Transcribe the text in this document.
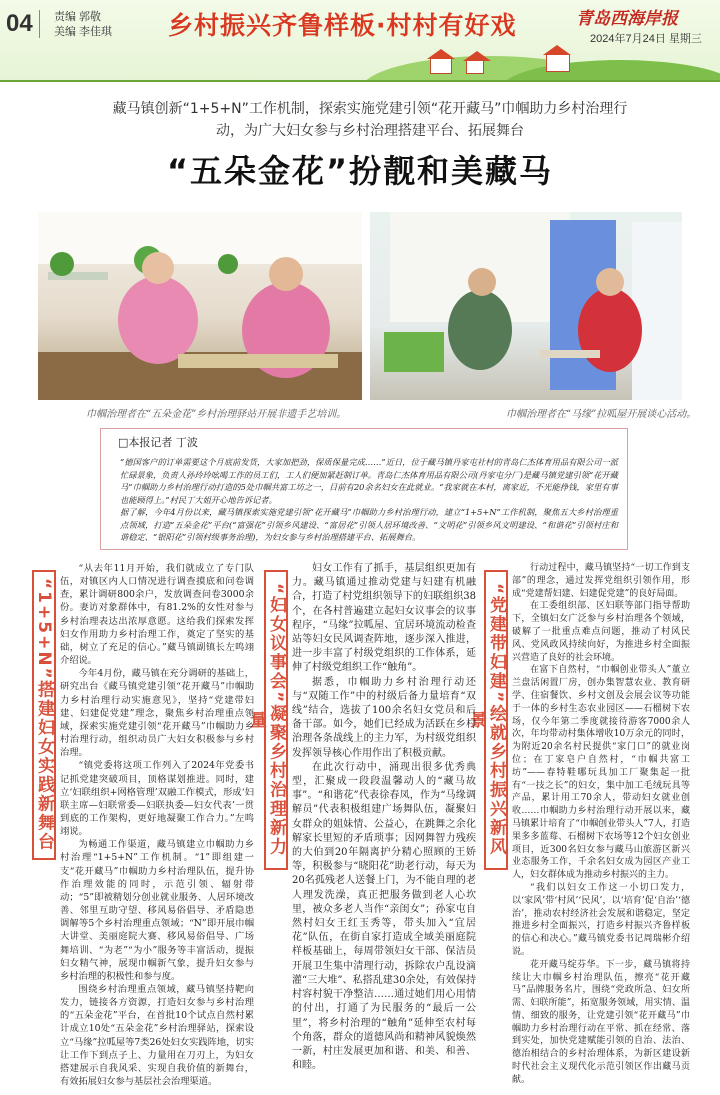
04	责编 郭敬
美编 李佳琪 乡村振兴齐鲁样板·村村有好戏	青岛西海岸报
2024年7月24日 星期三
藏马镇创新“1+5+N”工作机制，探索实施党建引领“花开藏马”巾帼助力乡村治理行动，为广大妇女参与乡村治理搭建平台、拓展舞台
“五朵金花”扮靓和美藏马
巾帼治理者在“五朵金花”乡村治理驿站开展非遗手艺培训。	巾帼治理者在“马缘”拉呱屋开展谈心活动。
□本报记者 丁波
“德国客户的订单需要这个月底前发货，大家加把劲，保质保量完成……”近日，位于藏马镇丹家屯社村的青岛仁杰体育用品有限公司一派忙碌景象，负责人孙玲玲吆喝工作的员工们，工人们便加紧赶制订单。青岛仁杰体育用品有限公司(丹家屯分厂)是藏马镇党建引领“花开藏马”巾帼助力乡村治理行动打造的5处巾帼共富工坊之一，目前有20余名妇女在此就业。“我家就在本村，离家近，不光能挣钱，家里有事也能顾得上。”村民丁大姐开心地告诉记者。
据了解，今年4月份以来，藏马镇探索实施党建引领“花开藏马”巾帼助力乡村治理行动，建立“1+5+N”工作机制，聚焦五大乡村治理重点领域，打造“五朵金花”平台(“富强花”引领乡风建设、“富居花”引领人居环境改善、“文明花”引领乡风文明建设、“和谐花”引领村庄和谐稳定、“银阳花”引领村级事务治理)，为妇女参与乡村治理搭建平台、拓展舞台。
“1+5+N”搭建妇女实践新舞台	“妇女议事会”凝聚乡村治理新力量	“党建带妇建”绘就乡村振兴新风景

“从去年11月开始，我们就成立了专门队伍，对镇区内人口情况进行调查摸底和问卷调查，累计调研800余户，发放调查问卷3000余份。妻访对象群体中，有81.2%的女性对参与乡村治理表达出浓厚意愿。这给我们探索发挥妇女作用助力乡村治理工作，奠定了坚实的基础，树立了充足的信心。”藏马镇副镇长左鸣翊介绍说。

今年4月份，藏马镇在充分调研的基础上，研究出台《藏马镇党建引领“花开藏马”巾帼助力乡村治理行动实施意见》，坚持“党建带妇建、妇建促党建”理念，聚焦乡村治理重点领域，探索实施党建引领“花开藏马”巾帼助力乡村治理行动，组织动员广大妇女积极参与乡村治理。

“镇党委将这项工作列入了2024年党委书记抓党建突破项目，顶格谋划推进。同时，建立‘妇联组织+网格管理’双融工作模式，形成‘妇联主席—妇联常委—妇联执委—妇女代表’一贯到底的工作架构，更好地凝聚工作合力。”左鸣翊说。

为畅通工作渠道，藏马镇建立巾帼助力乡村治理“1+5+N”工作机制。“1”即组建一支“花开藏马”巾帼助力乡村治理队伍，提升协作治理效能的同时，示范引领、辐射带动；“5”即被精划分创业就业服务、人居环境改善、邻里互助守望、移风易俗倡导、矛盾隐患调解等5个乡村治理重点领域；“N”即开展巾帼大讲堂、美丽庭院大赛、移风易俗倡导、广场舞培训、“为老”“为小”服务等丰富活动，提振妇女精气神，展现巾帼新气象，提升妇女参与乡村治理的积极性和参与度。

围绕乡村治理重点领域，藏马镇坚持靶向发力，链接各方资源，打造妇女参与乡村治理的“五朵金花”平台，在首批10个试点自然村累计成立10处“五朵金花”乡村治理驿站，探索设立“马缘”拉呱屋等7类26处妇女实践阵地，切实让工作下到点子上、力量用在刀刃上，为妇女搭建展示自我风采、实现自我价值的新舞台，有效拓展妇女参与基层社会治理渠道。

妇女工作有了抓手，基层组织更加有力。藏马镇通过推动党建与妇建有机融合，打造了村党组织领导下的妇联组织38个，在各村普遍建立起妇女议事会的议事程序，“马缘”拉呱屋、宜居环境流动检查站等妇女民风调查阵地，逐步深入推进，进一步丰富了村级党组织的工作体系，延伸了村级党组织工作“触角”。

据悉，巾帼助力乡村治理行动还与“双随工作”中的村级后备力量培育“双线”结合，选拔了100余名妇女党员和后备干部。如今，她们已经成为活跃在乡村治理各条战线上的主力军，为村级党组织发挥领导核心作用作出了积极贡献。

在此次行动中，涌现出很多优秀典型，汇聚成一段段温馨动人的“藏马故事”。“和谐花”代表徐春凤，作为“马缘调解员”代表积极组建广场舞队伍，凝聚妇女群众的姐妹情、公益心，在跳舞之余化解家长里短的矛盾琐事；因网舞智力残疾的大伯到20年隔离护分精心照顾的王娇等，积极参与“晓阳花”助老行动，每天为20名孤残老人送餐上门，为不能自理的老人理发洗澡，真正把服务做到老人心坎里，被众多老人当作“亲闺女”；孙家屯自然村妇女王红玉秀等，带头加入“宜居花”队伍，在街自家打造成全域美丽庭院样板基础上，每周带领妇女干部、保洁员开展卫生集中清理行动，拆除农户乱设滴灌“三大堆”、私搭乱建30余处，有效保持村容村貌干净整洁……通过她们用心用情的付出，打通了为民服务的“最后一公里”，将乡村治理的“触角”延伸至农村每个角落，群众的道德风尚和精神风貌焕然一新，村庄发展更加和谐、和美、和善、和睦。

行动过程中，藏马镇坚持“一切工作到支部”的理念，通过发挥党组织引领作用，形成“党建帮妇建、妇建促党建”的良好局面。

在工委组织部、区妇联等部门指导帮助下，全镇妇女广泛参与乡村治理各个领域，破解了一批重点难点问题，推动了村风民风、党风政风持续向好，为推进乡村全面振兴营造了良好的社会环境。

在富下自然村，“巾帼创业带头人”董立兰盘活闲置厂房，创办集智慧农业、教育研学、住宿餐饮、乡村文创及会展会议等功能于一体的乡村生态农业园区——石榴树下农场，仅今年第二季度就接待游客7000余人次，年均带动村集体增收10万余元的同时，为附近20余名村民提供“家门口”的就业岗位；在丁家皂户自然村，“巾帼共富工坊”——春特鞋哪玩具加工厂聚集起一批有“一技之长”的妇女，集中加工毛绒玩具等产品，累计用工70余人，带动妇女就业创收……巾帼助力乡村治理行动开展以来，藏马镇累计培育了“巾帼创业带头人”7人，打造果多多蓝莓、石榴树下农场等12个妇女创业项目，近300名妇女参与藏马山旅游区新兴业态服务工作，千余名妇女成为园区产业工人，妇女群体成为推动乡村振兴的主力。

“我们以妇女工作这一小切口发力，以‘家风’带‘村风’‘民风’，以‘培育’促‘自治’‘德治’，推动农村经济社会发展和谐稳定，坚定推进乡村全面振兴，打造乡村振兴齐鲁样板的信心和决心。”藏马镇党委书记周瑞彬介绍说。

花开藏马绽芬华。下一步，藏马镇将持续让大巾帼乡村治理队伍，擦亮“花开藏马”品牌服务名片，围绕“党政所急、妇女所需、妇联所能”，拓宽服务领域，用实情、温情、细致的服务，让党建引领“花开藏马”巾帼助力乡村治理行动在平常、抓在经常、落到实处，加快党建赋能引领的自治、法治、德治相结合的乡村治理体系，为新区建设新时代社会主义现代化示范引领区作出藏马贡献。
